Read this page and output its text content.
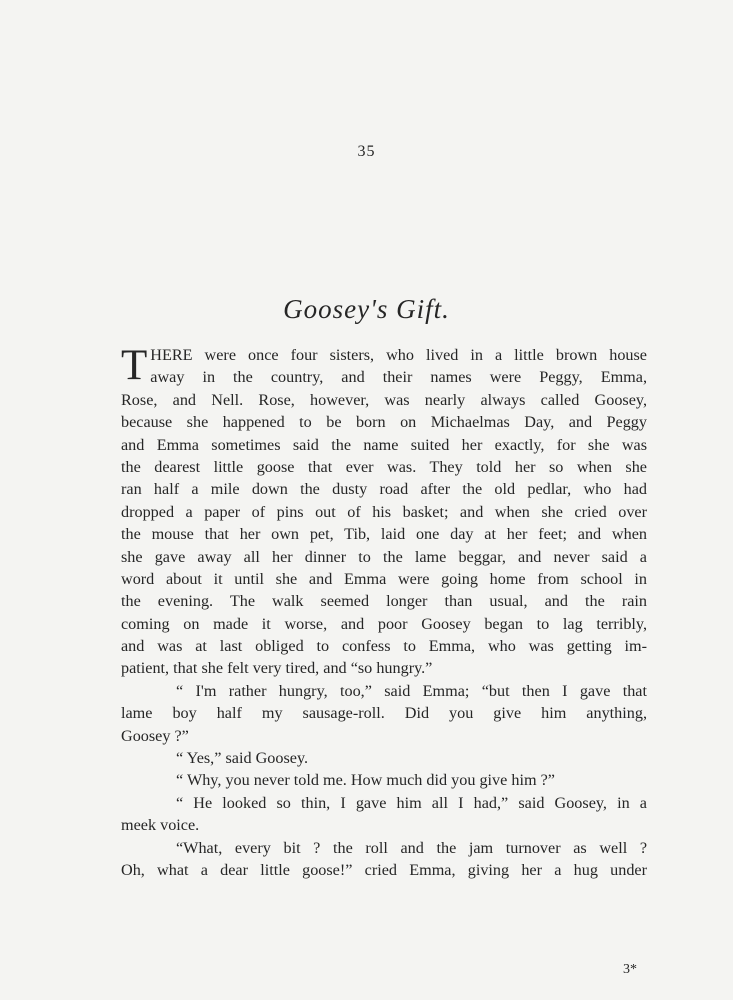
35
Goosey's Gift.
T HERE were once four sisters, who lived in a little brown house
away in the country, and their names were Peggy, Emma,
Rose, and Nell. Rose, however, was nearly always called Goosey,
because she happened to be born on Michaelmas Day, and Peggy
and Emma sometimes said the name suited her exactly, for she was
the dearest little goose that ever was. They told her so when she
ran half a mile down the dusty road after the old pedlar, who had
dropped a paper of pins out of his basket; and when she cried over
the mouse that her own pet, Tib, laid one day at her feet; and when
she gave away all her dinner to the lame beggar, and never said a
word about it until she and Emma were going home from school in
the evening. The walk seemed longer than usual, and the rain
coming on made it worse, and poor Goosey began to lag terribly,
and was at last obliged to confess to Emma, who was getting im-
patient, that she felt very tired, and “so hungry.”
“ I'm rather hungry, too,” said Emma; “but then I gave that
lame boy half my sausage-roll. Did you give him anything,
Goosey ?”
“ Yes,” said Goosey.
“ Why, you never told me. How much did you give him ?”
“ He looked so thin, I gave him all I had,” said Goosey, in a
meek voice.
“What, every bit ? the roll and the jam turnover as well ?
Oh, what a dear little goose!” cried Emma, giving her a hug under
3*
